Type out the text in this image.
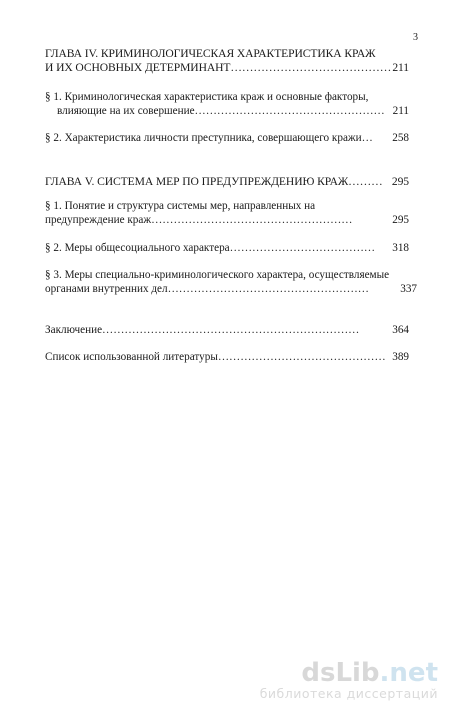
3
ГЛАВА IV. КРИМИНОЛОГИЧЕСКАЯ ХАРАКТЕРИСТИКА КРАЖ
И ИХ ОСНОВНЫХ ДЕТЕРМИНАНТ…………………………………… 211
§ 1. Криминологическая характеристика краж и основные факторы,
влияющие на их совершение…………………………………………… 211
§ 2. Характеристика личности преступника, совершающего кражи…	258
ГЛАВА V. СИСТЕМА МЕР ПО ПРЕДУПРЕЖДЕНИЮ КРАЖ……… 295
§ 1. Понятие и структура системы мер, направленных на
предупреждение краж………………………………………………	295
§ 2. Меры общесоциального характера…………………………………	318
§ 3. Меры специально-криминологического характера, осуществляемые
органами внутренних дел………………………………………………	337
Заключение……………………………………………………………	364
Список использованной литературы……………………………………… 389
dsLib.net
библиотека диссертаций
